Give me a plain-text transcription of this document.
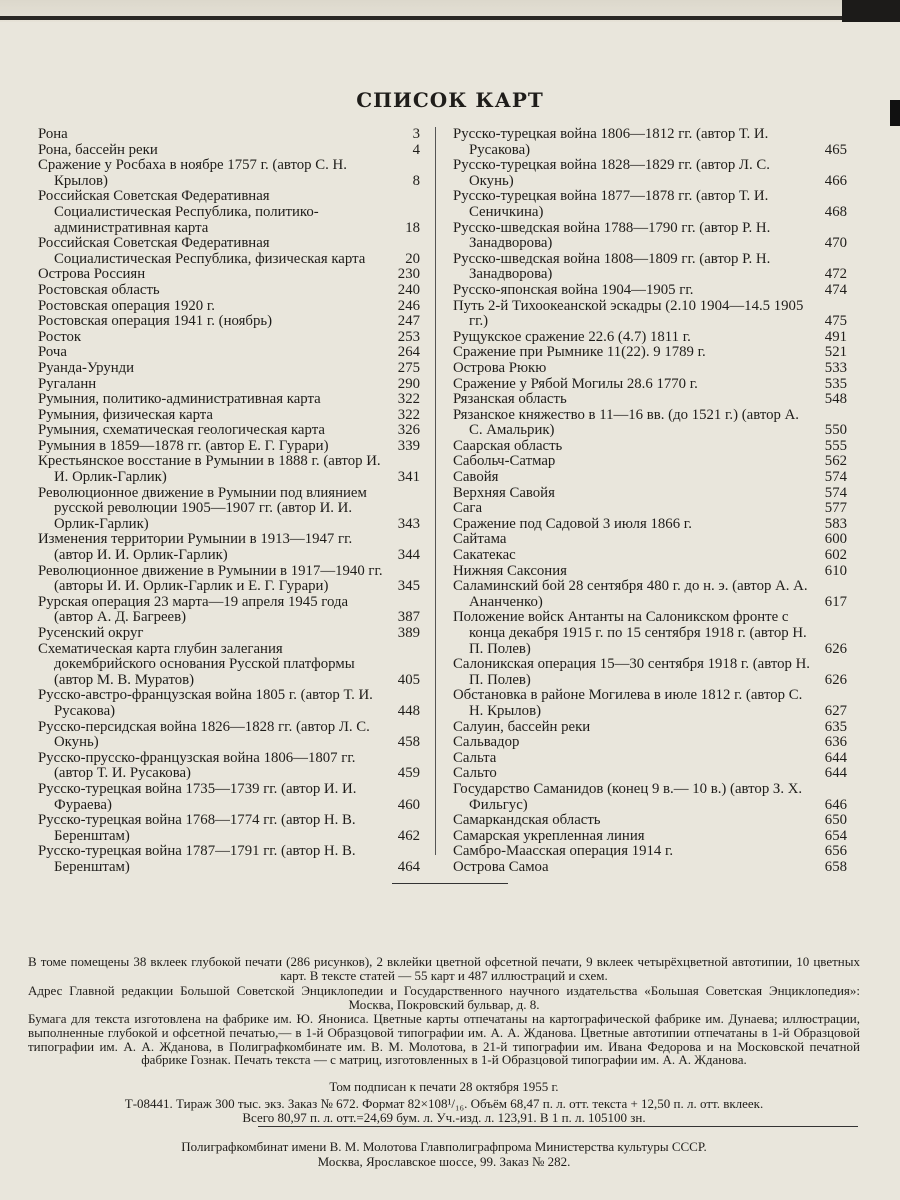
СПИСОК КАРТ
Рона	3
Рона, бассейн реки	4
Сражение у Росбаха в ноябре 1757 г. (автор С. Н. Крылов)	8
Российская Советская Федеративная Социалистическая Республика, политико-административная карта	18
Российская Советская Федеративная Социалистическая Республика, физическая карта	20
Острова Россиян	230
Ростовская область	240
Ростовская операция 1920 г.	246
Ростовская операция 1941 г. (ноябрь)	247
Росток	253
Роча	264
Руанда-Урунди	275
Ругаланн	290
Румыния, политико-административная карта	322
Румыния, физическая карта	322
Румыния, схематическая геологическая карта	326
Румыния в 1859—1878 гг. (автор Е. Г. Гурари)	339
Крестьянское восстание в Румынии в 1888 г. (автор И. И. Орлик-Гарлик)	341
Революционное движение в Румынии под влиянием русской революции 1905—1907 гг. (автор И. И. Орлик-Гарлик)	343
Изменения территории Румынии в 1913—1947 гг. (автор И. И. Орлик-Гарлик)	344
Революционное движение в Румынии в 1917—1940 гг. (авторы И. И. Орлик-Гарлик и Е. Г. Гурари)	345
Рурская операция 23 марта—19 апреля 1945 года (автор А. Д. Багреев)	387
Русенский округ	389
Схематическая карта глубин залегания докембрийского основания Русской платформы (автор М. В. Муратов)	405
Русско-австро-французская война 1805 г. (автор Т. И. Русакова)	448
Русско-персидская война 1826—1828 гг. (автор Л. С. Окунь)	458
Русско-прусско-французская война 1806—1807 гг. (автор Т. И. Русакова)	459
Русско-турецкая война 1735—1739 гг. (автор И. И. Фураева)	460
Русско-турецкая война 1768—1774 гг. (автор Н. В. Беренштам)	462
Русско-турецкая война 1787—1791 гг. (автор Н. В. Беренштам)	464
Русско-турецкая война 1806—1812 гг. (автор Т. И. Русакова)	465
Русско-турецкая война 1828—1829 гг. (автор Л. С. Окунь)	466
Русско-турецкая война 1877—1878 гг. (автор Т. И. Сеничкина)	468
Русско-шведская война 1788—1790 гг. (автор Р. Н. Занадворова)	470
Русско-шведская война 1808—1809 гг. (автор Р. Н. Занадворова)	472
Русско-японская война 1904—1905 гг.	474
Путь 2-й Тихоокеанской эскадры (2.10 1904—14.5 1905 гг.)	475
Рущукское сражение 22.6 (4.7) 1811 г.	491
Сражение при Рымнике 11(22). 9 1789 г.	521
Острова Рюкю	533
Сражение у Рябой Могилы 28.6 1770 г.	535
Рязанская область	548
Рязанское княжество в 11—16 вв. (до 1521 г.) (автор А. С. Амальрик)	550
Саарская область	555
Сабольч-Сатмар	562
Савойя	574
Верхняя Савойя	574
Сага	577
Сражение под Садовой 3 июля 1866 г.	583
Сайтама	600
Сакатекас	602
Нижняя Саксония	610
Саламинский бой 28 сентября 480 г. до н. э. (автор А. А. Ананченко)	617
Положение войск Антанты на Салоникском фронте с конца декабря 1915 г. по 15 сентября 1918 г. (автор Н. П. Полев)	626
Салоникская операция 15—30 сентября 1918 г. (автор Н. П. Полев)	626
Обстановка в районе Могилева в июле 1812 г. (автор С. Н. Крылов)	627
Салуин, бассейн реки	635
Сальвадор	636
Сальта	644
Сальто	644
Государство Саманидов (конец 9 в.— 10 в.) (автор З. Х. Фильгус)	646
Самаркандская область	650
Самарская укрепленная линия	654
Самбро-Маасская операция 1914 г.	656
Острова Самоа	658
В томе помещены 38 вклеек глубокой печати (286 рисунков), 2 вклейки цветной офсетной печати, 9 вклеек четырёхцветной автотипии, 10 цветных карт. В тексте статей — 55 карт и 487 иллюстраций и схем.
Адрес Главной редакции Большой Советской Энциклопедии и Государственного научного издательства «Большая Советская Энциклопедия»: Москва, Покровский бульвар, д. 8.
Бумага для текста изготовлена на фабрике им. Ю. Янониса. Цветные карты отпечатаны на картографической фабрике им. Дунаева; иллюстрации, выполненные глубокой и офсетной печатью,— в 1-й Образцовой типографии им. А. А. Жданова. Цветные автотипии отпечатаны в 1-й Образцовой типографии им. А. А. Жданова, в Полиграфкомбинате им. В. М. Молотова, в 21-й типографии им. Ивана Федорова и на Московской печатной фабрике Гознак. Печать текста — с матриц, изготовленных в 1-й Образцовой типографии им. А. А. Жданова.
Том подписан к печати 28 октября 1955 г.
Т-08441. Тираж 300 тыс. экз. Заказ № 672. Формат 82×108¹/₁₆. Объём 68,47 п. л. отт. текста + 12,50 п. л. отт. вклеек.
Всего 80,97 п. л. отт.=24,69 бум. л. Уч.-изд. л. 123,91. В 1 п. л. 105100 зн.
Полиграфкомбинат имени В. М. Молотова Главполиграфпрома Министерства культуры СССР.
Москва, Ярославское шоссе, 99. Заказ № 282.
